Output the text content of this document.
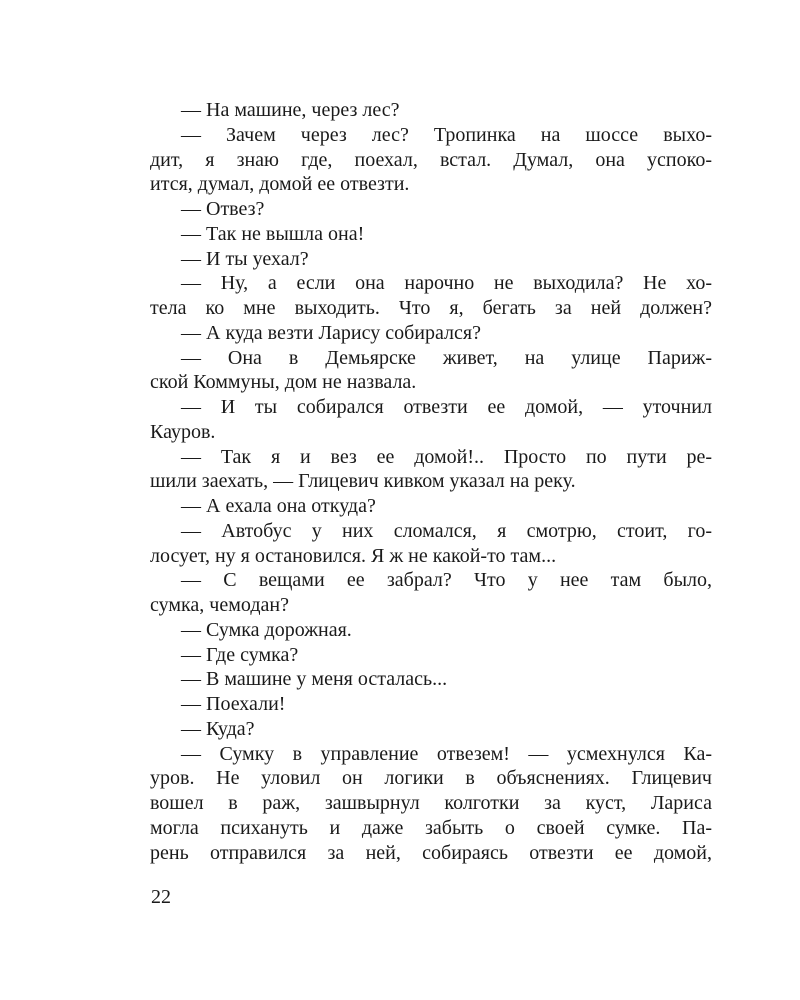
— На машине, через лес?
— Зачем через лес? Тропинка на шоссе выхо-
дит, я знаю где, поехал, встал. Думал, она успоко-
ится, думал, домой ее отвезти.
— Отвез?
— Так не вышла она!
— И ты уехал?
— Ну, а если она нарочно не выходила? Не хо-
тела ко мне выходить. Что я, бегать за ней должен?
— А куда везти Ларису собирался?
— Она в Демьярске живет, на улице Париж-
ской Коммуны, дом не назвала.
— И ты собирался отвезти ее домой, — уточнил
Кауров.
— Так я и вез ее домой!.. Просто по пути ре-
шили заехать, — Глицевич кивком указал на реку.
— А ехала она откуда?
— Автобус у них сломался, я смотрю, стоит, го-
лосует, ну я остановился. Я ж не какой-то там...
— С вещами ее забрал? Что у нее там было,
сумка, чемодан?
— Сумка дорожная.
— Где сумка?
— В машине у меня осталась...
— Поехали!
— Куда?
— Сумку в управление отвезем! — усмехнулся Ка-
уров. Не уловил он логики в объяснениях. Глицевич
вошел в раж, зашвырнул колготки за куст, Лариса
могла психануть и даже забыть о своей сумке. Па-
рень отправился за ней, собираясь отвезти ее домой,
22
